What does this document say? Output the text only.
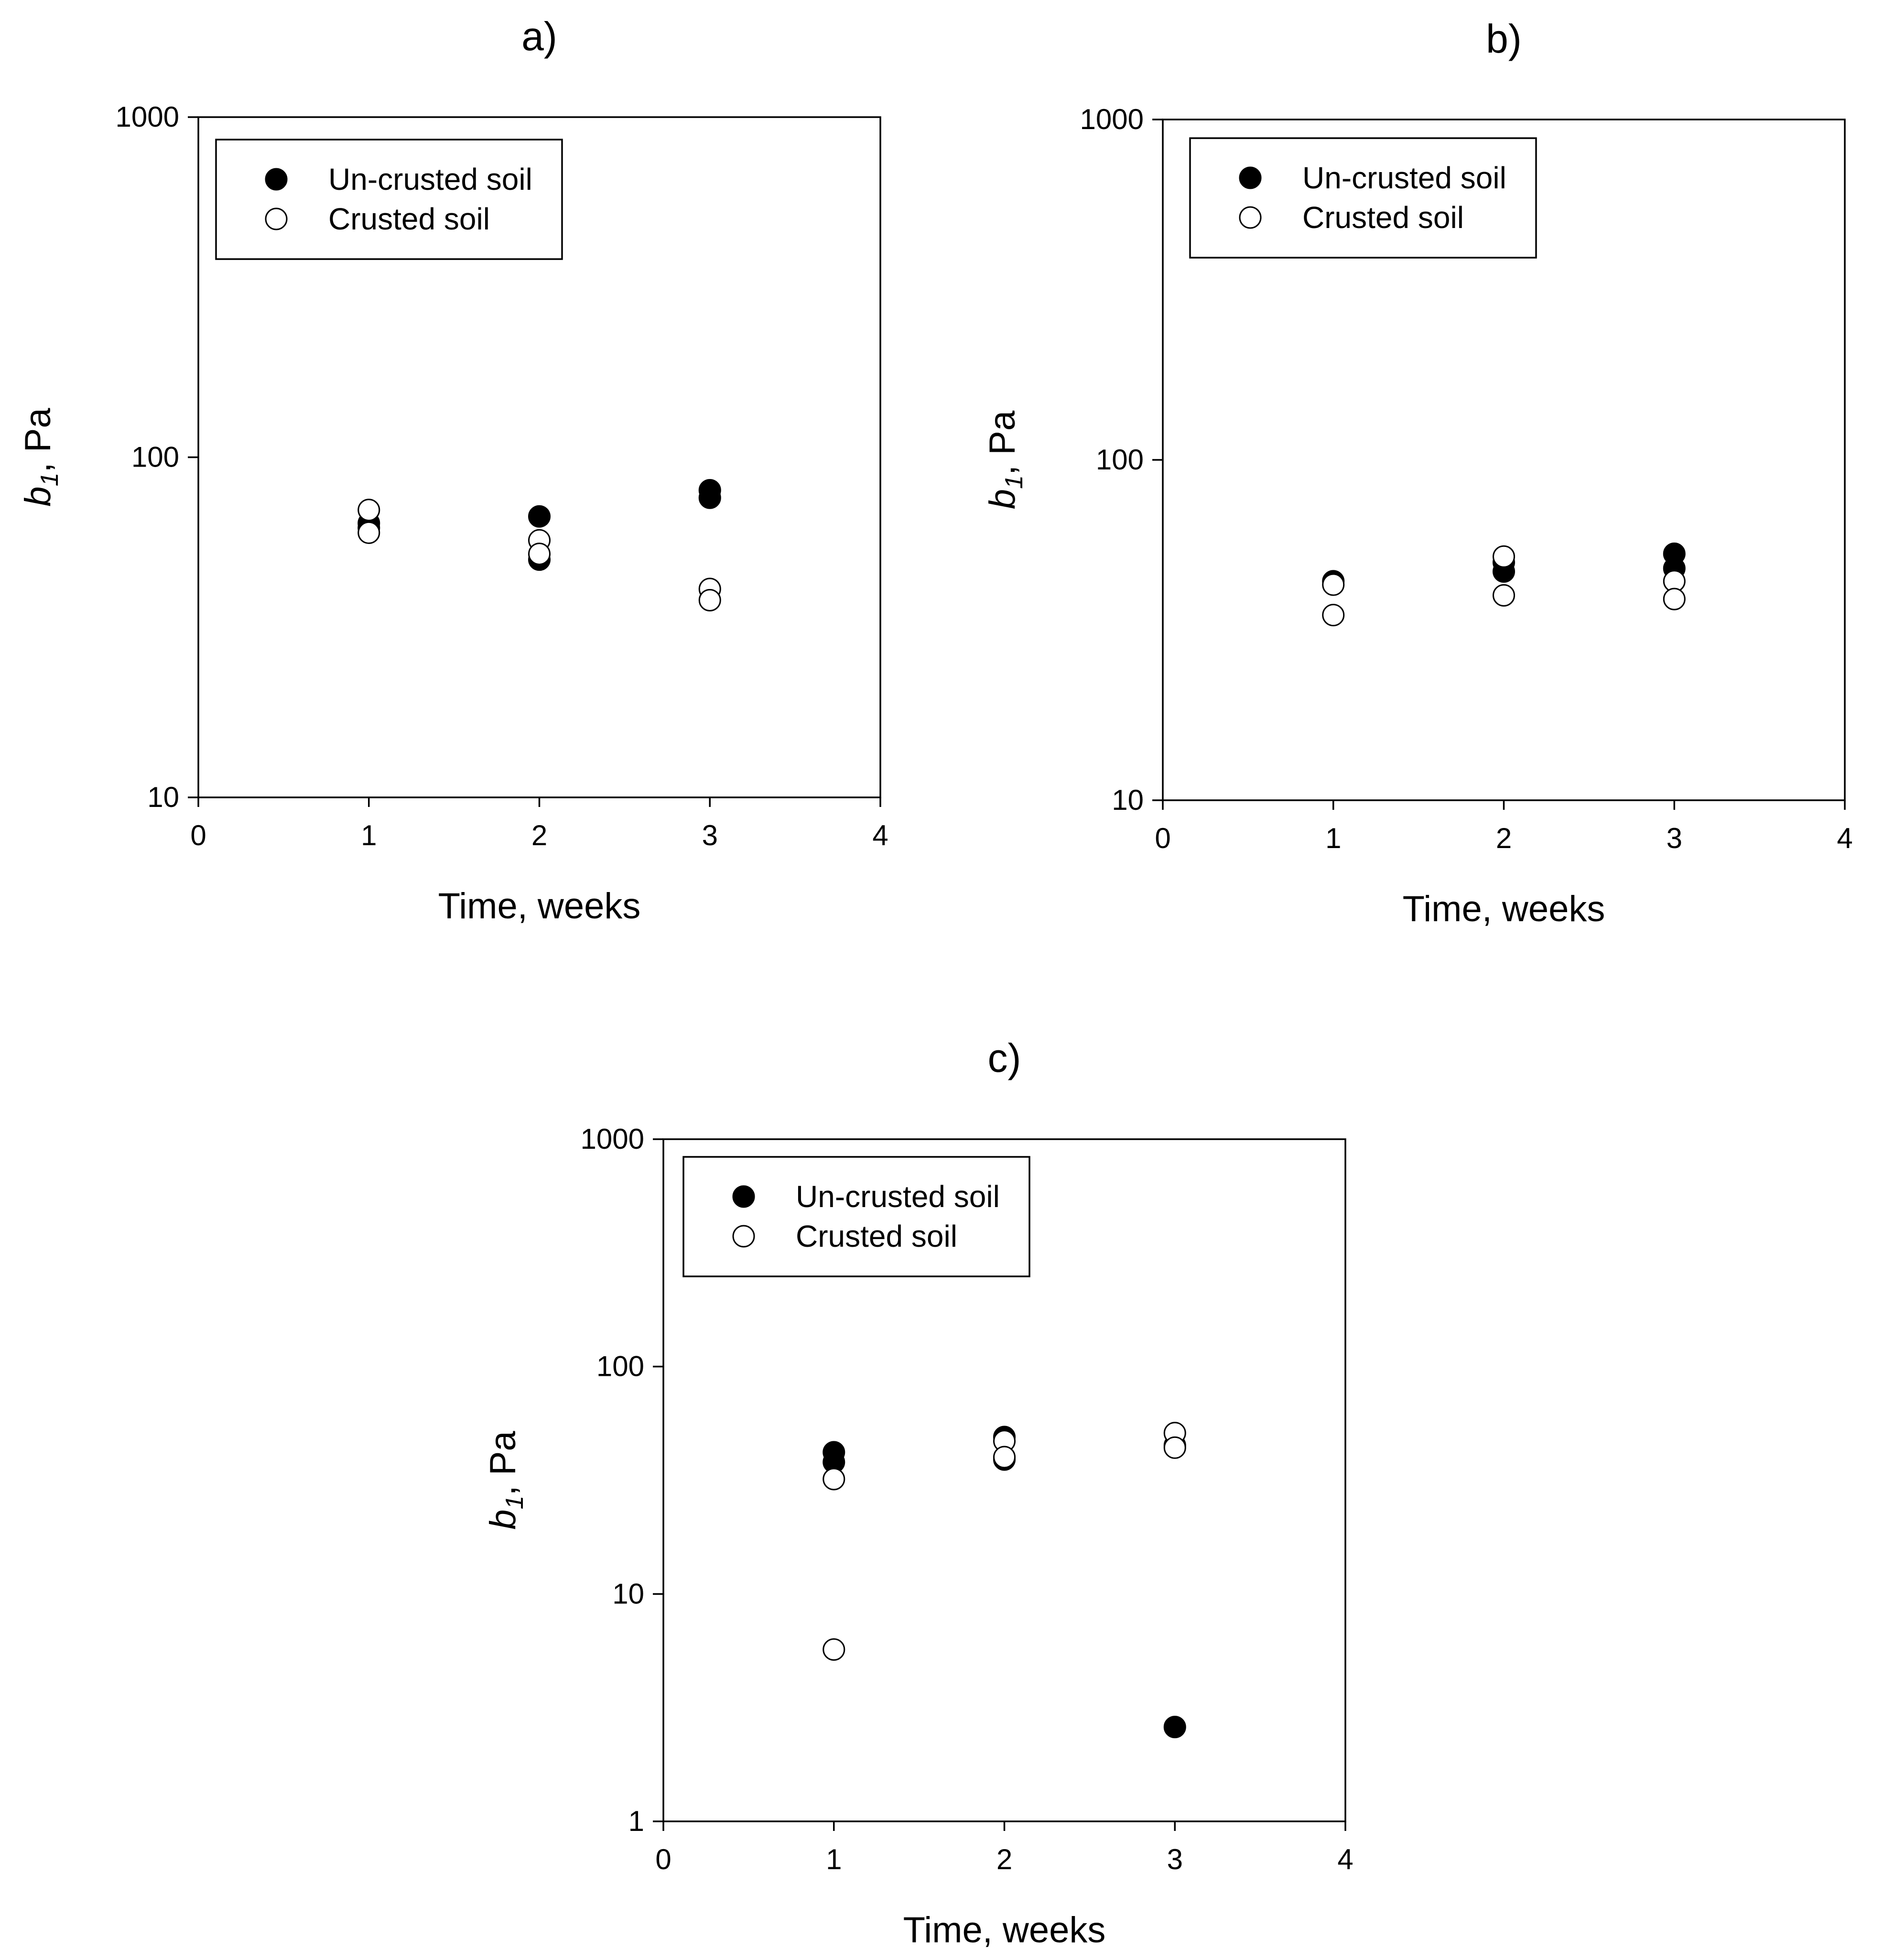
a)
0	1	2	3	4
10
100
1000
Time, weeks
$b_1$, Pa
Un-crusted soil
Crusted soil
b)
0	1	2	3	4
10
100
1000
Time, weeks
$b_1$, Pa
Un-crusted soil
Crusted soil
c)
0	1	2	3	4
1
10
100
1000
Time, weeks
$b_1$, Pa
Un-crusted soil
Crusted soil
